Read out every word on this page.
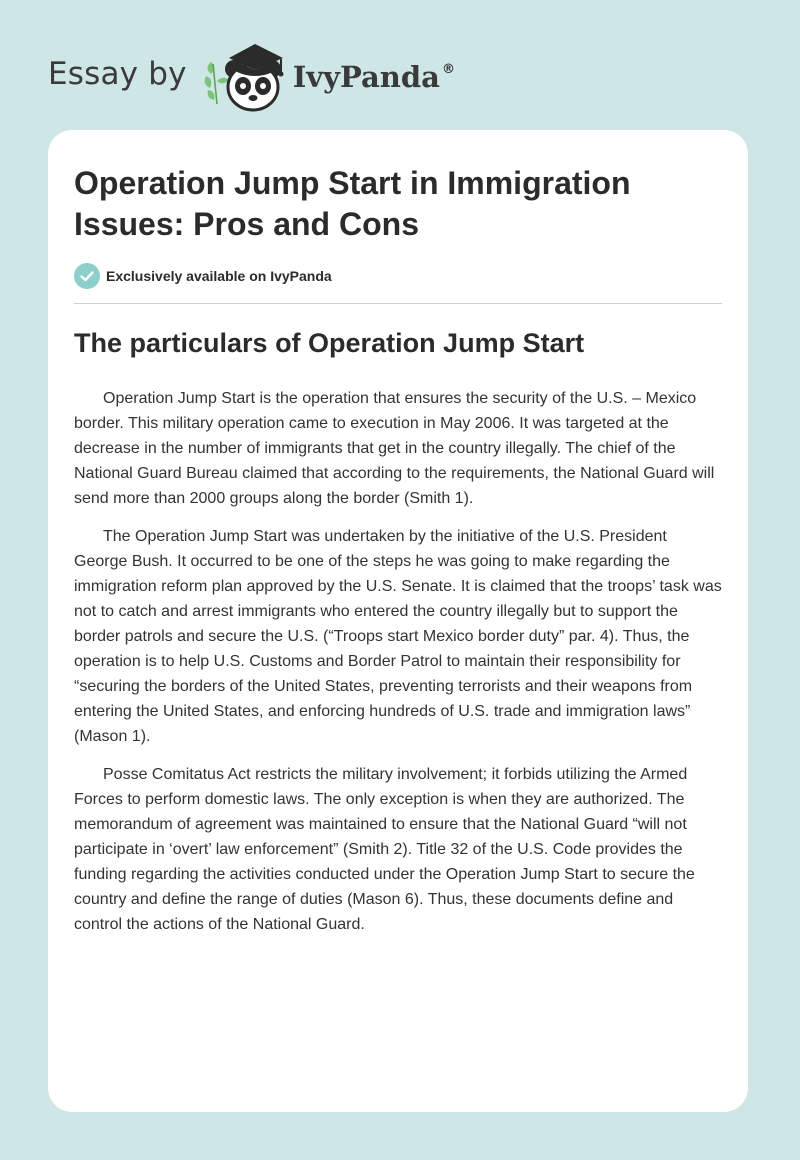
Essay by	IvyPanda ®
Operation Jump Start in Immigration Issues: Pros and Cons
Exclusively available on IvyPanda
The particulars of Operation Jump Start

Operation Jump Start is the operation that ensures the security of the U.S. – Mexico border. This military operation came to execution in May 2006. It was targeted at the decrease in the number of immigrants that get in the country illegally. The chief of the National Guard Bureau claimed that according to the requirements, the National Guard will send more than 2000 groups along the border (Smith 1).

The Operation Jump Start was undertaken by the initiative of the U.S. President George Bush. It occurred to be one of the steps he was going to make regarding the immigration reform plan approved by the U.S. Senate. It is claimed that the troops’ task was not to catch and arrest immigrants who entered the country illegally but to support the border patrols and secure the U.S. (“Troops start Mexico border duty” par. 4). Thus, the operation is to help U.S. Customs and Border Patrol to maintain their responsibility for “securing the borders of the United States, preventing terrorists and their weapons from entering the United States, and enforcing hundreds of U.S. trade and immigration laws” (Mason 1).

Posse Comitatus Act restricts the military involvement; it forbids utilizing the Armed Forces to perform domestic laws. The only exception is when they are authorized. The memorandum of agreement was maintained to ensure that the National Guard “will not participate in ‘overt’ law enforcement” (Smith 2). Title 32 of the U.S. Code provides the funding regarding the activities conducted under the Operation Jump Start to secure the country and define the range of duties (Mason 6). Thus, these documents define and control the actions of the National Guard.
